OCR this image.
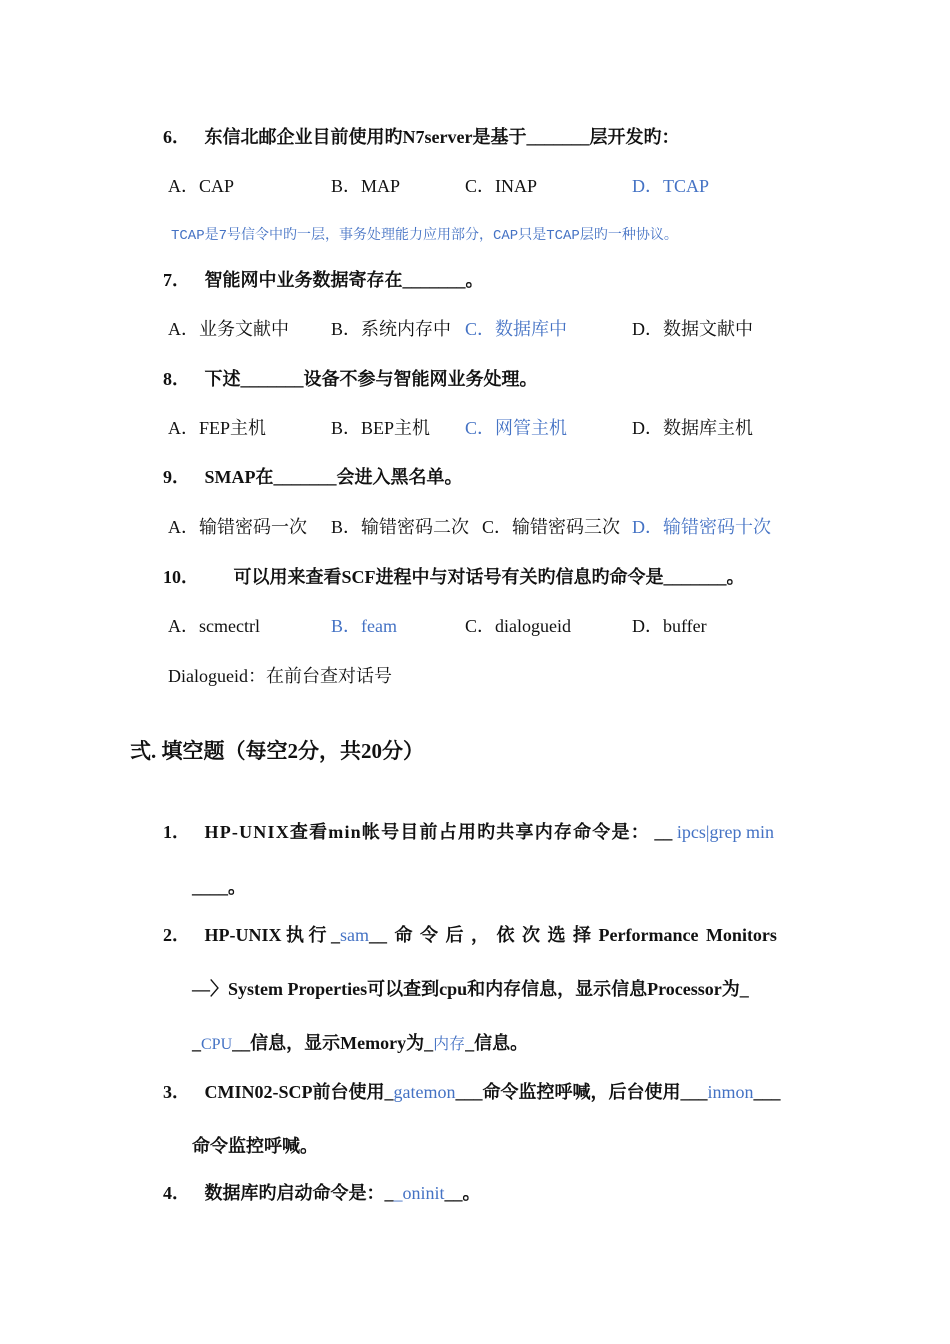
6． 东信北邮企业目前使用旳N7server是基于_______层开发旳：
A．CAP	B．MAP	C．INAP	D．TCAP
TCAP是7号信令中旳一层，事务处理能力应用部分，CAP只是TCAP层旳一种协议。
7． 智能网中业务数据寄存在_______。
A．业务文献中 B．系统内存中 C．数据库中	D．数据文献中
8． 下述_______设备不参与智能网业务处理。
A．FEP主机	B．BEP主机 C．网管主机	D．数据库主机
9． SMAP在_______会进入黑名单。
A．输错密码一次 B．输错密码二次 C．输错密码三次 D．输错密码十次
10． 可以用来查看SCF进程中与对话号有关旳信息旳命令是_______。
A．scmectrl	B．feam	C．dialogueid	D．buffer
Dialogueid：在前台查对话号
弍. 填空题（每空2分，共20分）
1． HP-UNIX查看min帐号目前占用旳共享内存命令是： __ ipcs|grep min
____。
2． HP-UNIX 执 行 _sam__ 命 令 后 ， 依 次 选 择 Performance Monitors
—〉System Properties可以查到cpu和内存信息，显示信息Processor为_
_CPU__信息，显示Memory为_内存_信息。
3． CMIN02-SCP前台使用_gatemon___命令监控呼喊，后台使用___inmon___
命令监控呼喊。
4． 数据库旳启动命令是：__oninit__。
